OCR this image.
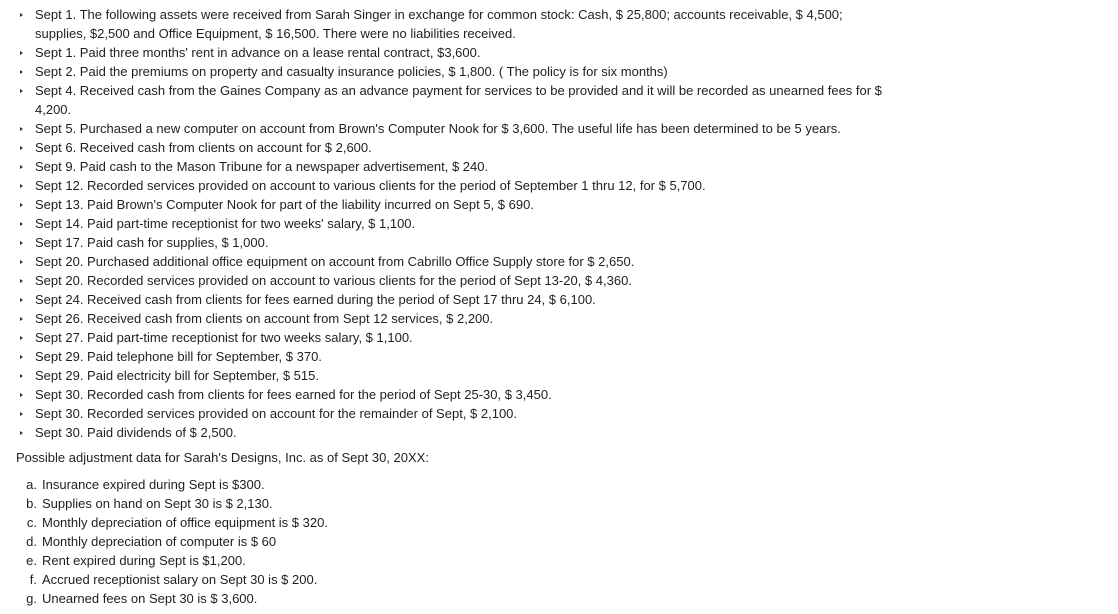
Sept 1. The following assets were received from Sarah Singer in exchange for common stock: Cash, $ 25,800; accounts receivable, $ 4,500; supplies, $2,500 and Office Equipment, $ 16,500. There were no liabilities received.
Sept 1. Paid three months' rent in advance on a lease rental contract, $3,600.
Sept 2. Paid the premiums on property and casualty insurance policies, $ 1,800. ( The policy is for six months)
Sept 4. Received cash from the Gaines Company as an advance payment for services to be provided and it will be recorded as unearned fees for $ 4,200.
Sept 5. Purchased a new computer on account from Brown's Computer Nook for $ 3,600. The useful life has been determined to be 5 years.
Sept 6. Received cash from clients on account for $ 2,600.
Sept 9. Paid cash to the Mason Tribune for a newspaper advertisement, $ 240.
Sept 12. Recorded services provided on account to various clients for the period of September 1 thru 12, for $ 5,700.
Sept 13. Paid Brown's Computer Nook for part of the liability incurred on Sept 5, $ 690.
Sept 14. Paid part-time receptionist for two weeks' salary, $ 1,100.
Sept 17. Paid cash for supplies, $ 1,000.
Sept 20. Purchased additional office equipment on account from Cabrillo Office Supply store for $ 2,650.
Sept 20. Recorded services provided on account to various clients for the period of Sept 13-20, $ 4,360.
Sept 24. Received cash from clients for fees earned during the period of Sept 17 thru 24, $ 6,100.
Sept 26. Received cash from clients on account from Sept 12 services, $ 2,200.
Sept 27. Paid part-time receptionist for two weeks salary, $ 1,100.
Sept 29. Paid telephone bill for September, $ 370.
Sept 29. Paid electricity bill for September, $ 515.
Sept 30. Recorded cash from clients for fees earned for the period of Sept 25-30, $ 3,450.
Sept 30. Recorded services provided on account for the remainder of Sept, $ 2,100.
Sept 30. Paid dividends of $ 2,500.
Possible adjustment data for Sarah's Designs, Inc. as of Sept 30, 20XX:
a. Insurance expired during Sept is $300.
b. Supplies on hand on Sept 30 is $ 2,130.
c. Monthly depreciation of office equipment is $ 320.
d. Monthly depreciation of computer is $ 60
e. Rent expired during Sept is $1,200.
f. Accrued receptionist salary on Sept 30 is $ 200.
g. Unearned fees on Sept 30 is $ 3,600.
